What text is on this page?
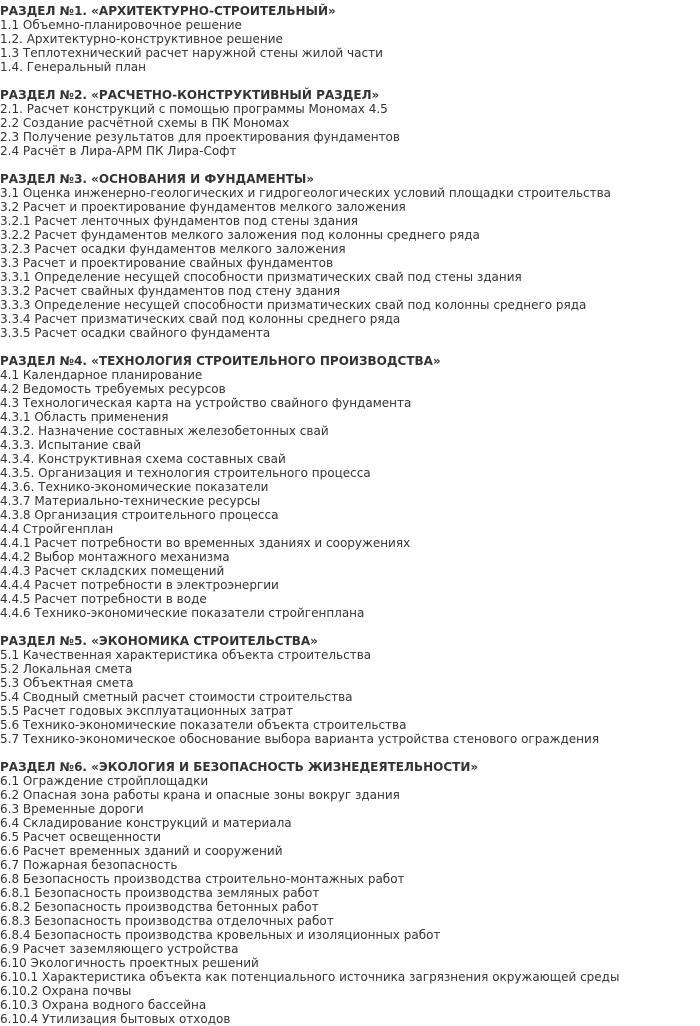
РАЗДЕЛ №1. «АРХИТЕКТУРНО-СТРОИТЕЛЬНЫЙ»
1.1 Объемно-планировочное решение
1.2. Архитектурно-конструктивное решение
1.3 Теплотехнический расчет наружной стены жилой части
1.4. Генеральный план
РАЗДЕЛ №2. «РАСЧЕТНО-КОНСТРУКТИВНЫЙ РАЗДЕЛ»
2.1. Расчет конструкций с помощью программы Мономах 4.5
2.2 Создание расчётной схемы в ПК Мономах
2.3 Получение результатов для проектирования фундаментов
2.4 Расчёт в Лира-АРМ ПК Лира-Софт
РАЗДЕЛ №3. «ОСНОВАНИЯ И ФУНДАМЕНТЫ»
3.1 Оценка инженерно-геологических и гидрогеологических условий площадки строительства
3.2 Расчет и проектирование фундаментов мелкого заложения
3.2.1 Расчет ленточных фундаментов под стены здания
3.2.2 Расчет фундаментов мелкого заложения под колонны среднего ряда
3.2.3 Расчет осадки фундаментов мелкого заложения
3.3 Расчет и проектирование свайных фундаментов
3.3.1 Определение несущей способности призматических свай под стены здания
3.3.2 Расчет свайных фундаментов под стену здания
3.3.3 Определение несущей способности призматических свай под колонны среднего ряда
3.3.4 Расчет призматических свай под колонны среднего ряда
3.3.5 Расчет осадки свайного фундамента
РАЗДЕЛ №4. «ТЕХНОЛОГИЯ СТРОИТЕЛЬНОГО ПРОИЗВОДСТВА»
4.1 Календарное планирование
4.2 Ведомость требуемых ресурсов
4.3 Технологическая карта на устройство свайного фундамента
4.3.1 Область применения
4.3.2. Назначение составных железобетонных свай
4.3.3. Испытание свай
4.3.4. Конструктивная схема составных свай
4.3.5. Организация и технология строительного процесса
4.3.6. Технико-экономические показатели
4.3.7 Материально-технические ресурсы
4.3.8 Организация строительного процесса
4.4 Стройгенплан
4.4.1 Расчет потребности во временных зданиях и сооружениях
4.4.2 Выбор монтажного механизма
4.4.3 Расчет складских помещений
4.4.4 Расчет потребности в электроэнергии
4.4.5 Расчет потребности в воде
4.4.6 Технико-экономические показатели стройгенплана
РАЗДЕЛ №5. «ЭКОНОМИКА СТРОИТЕЛЬСТВА»
5.1 Качественная характеристика объекта строительства
5.2 Локальная смета
5.3 Объектная смета
5.4 Сводный сметный расчет стоимости строительства
5.5 Расчет годовых эксплуатационных затрат
5.6 Технико-экономические показатели объекта строительства
5.7 Технико-экономическое обоснование выбора варианта устройства стенового ограждения
РАЗДЕЛ №6. «ЭКОЛОГИЯ И БЕЗОПАСНОСТЬ ЖИЗНЕДЕЯТЕЛЬНОСТИ»
6.1 Ограждение стройплощадки
6.2 Опасная зона работы крана и опасные зоны вокруг здания
6.3 Временные дороги
6.4 Складирование конструкций и материала
6.5 Расчет освещенности
6.6 Расчет временных зданий и сооружений
6.7 Пожарная безопасность
6.8 Безопасность производства строительно-монтажных работ
6.8.1 Безопасность производства земляных работ
6.8.2 Безопасность производства бетонных работ
6.8.3 Безопасность производства отделочных работ
6.8.4 Безопасность производства кровельных и изоляционных работ
6.9 Расчет заземляющего устройства
6.10 Экологичность проектных решений
6.10.1 Характеристика объекта как потенциального источника загрязнения окружающей среды
6.10.2 Охрана почвы
6.10.3 Охрана водного бассейна
6.10.4 Утилизация бытовых отходов
